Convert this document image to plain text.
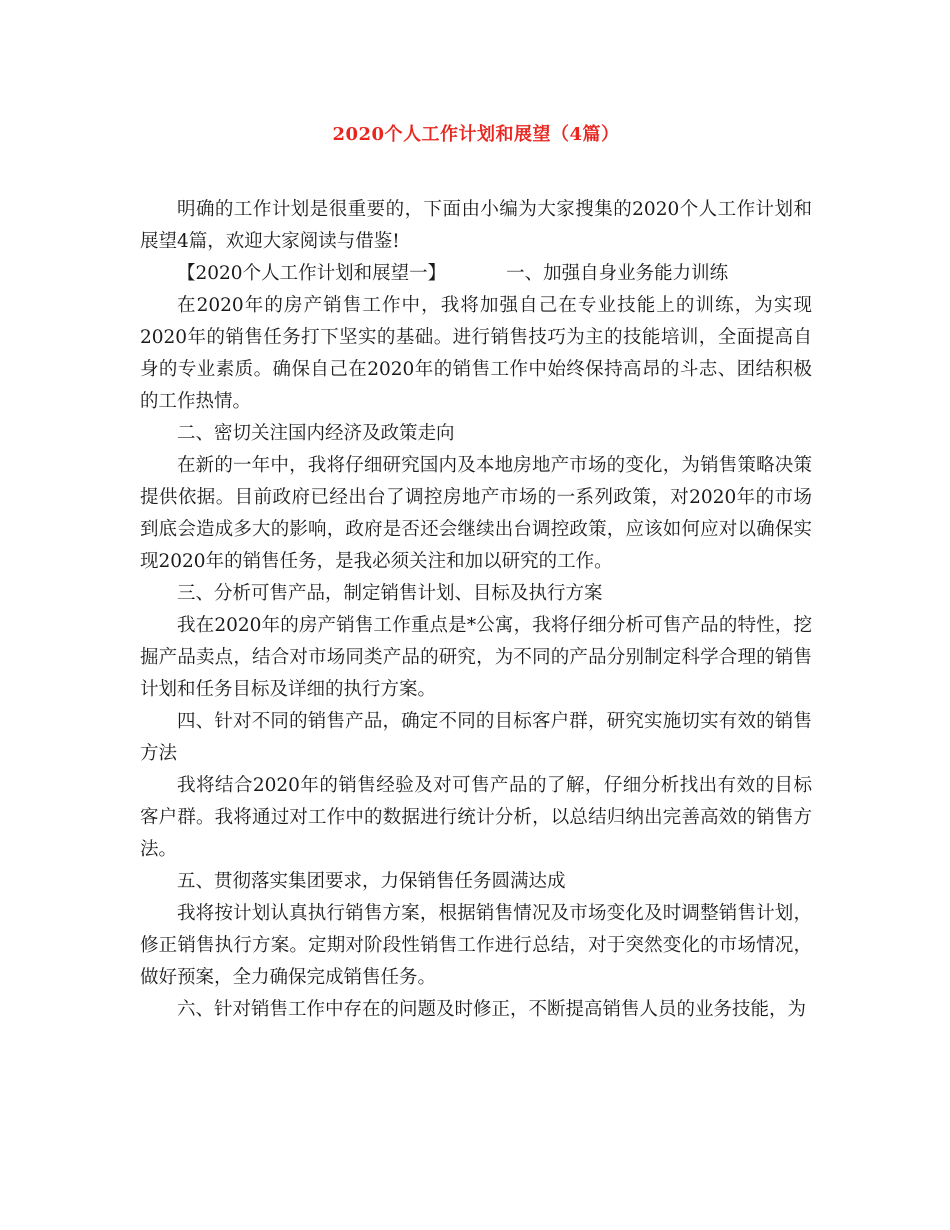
2020个人工作计划和展望（4篇）

明确的工作计划是很重要的，下面由小编为大家搜集的2020个人工作计划和展望4篇，欢迎大家阅读与借鉴!

【2020个人工作计划和展望一】	一、加强自身业务能力训练

在2020年的房产销售工作中，我将加强自己在专业技能上的训练，为实现2020年的销售任务打下坚实的基础。进行销售技巧为主的技能培训，全面提高自身的专业素质。确保自己在2020年的销售工作中始终保持高昂的斗志、团结积极的工作热情。

二、密切关注国内经济及政策走向

在新的一年中，我将仔细研究国内及本地房地产市场的变化，为销售策略决策提供依据。目前政府已经出台了调控房地产市场的一系列政策，对2020年的市场到底会造成多大的影响，政府是否还会继续出台调控政策，应该如何应对以确保实现2020年的销售任务，是我必须关注和加以研究的工作。

三、分析可售产品，制定销售计划、目标及执行方案

我在2020年的房产销售工作重点是*公寓，我将仔细分析可售产品的特性，挖掘产品卖点，结合对市场同类产品的研究，为不同的产品分别制定科学合理的销售计划和任务目标及详细的执行方案。

四、针对不同的销售产品，确定不同的目标客户群，研究实施切实有效的销售方法

我将结合2020年的销售经验及对可售产品的了解，仔细分析找出有效的目标客户群。我将通过对工作中的数据进行统计分析，以总结归纳出完善高效的销售方法。

五、贯彻落实集团要求，力保销售任务圆满达成

我将按计划认真执行销售方案，根据销售情况及市场变化及时调整销售计划，修正销售执行方案。定期对阶段性销售工作进行总结，对于突然变化的市场情况，做好预案，全力确保完成销售任务。

六、针对销售工作中存在的问题及时修正，不断提高销售人员的业务技能，为
